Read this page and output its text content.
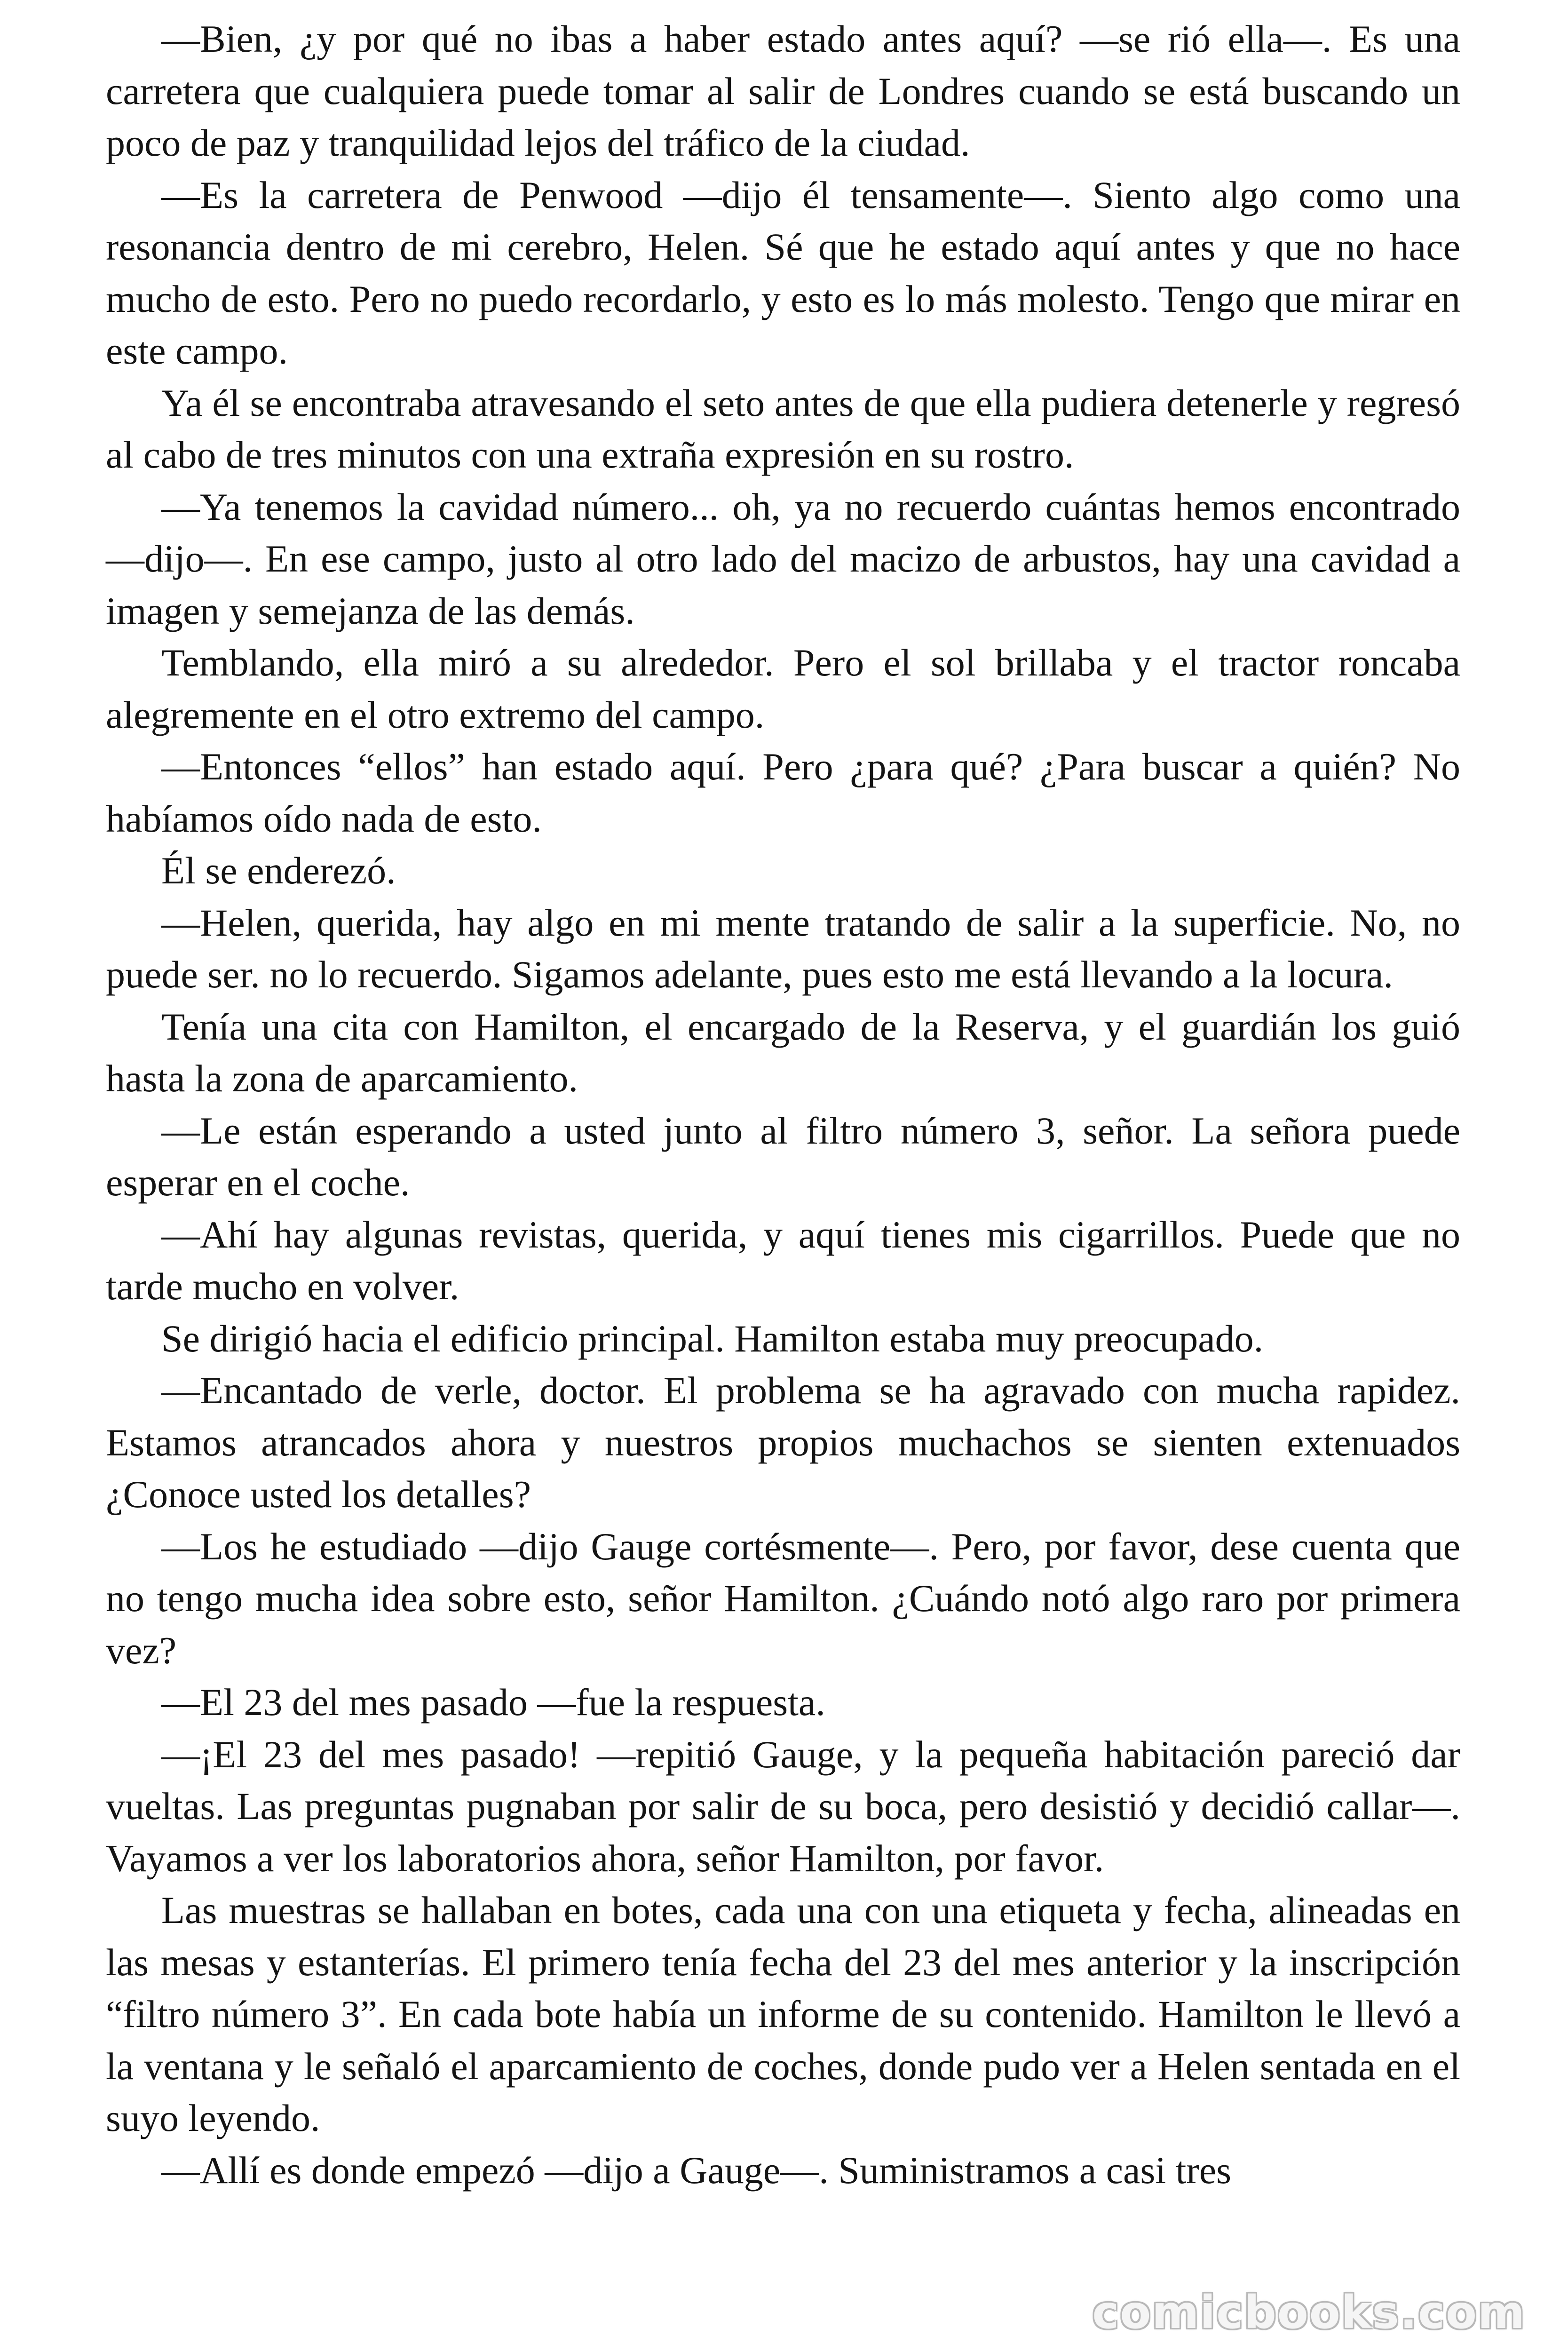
—Bien, ¿y por qué no ibas a haber estado antes aquí? —se rió ella—. Es una carretera que cualquiera puede tomar al salir de Londres cuando se está buscando un poco de paz y tranquilidad lejos del tráfico de la ciudad.

—Es la carretera de Penwood —dijo él tensamente—. Siento algo como una resonancia dentro de mi cerebro, Helen. Sé que he estado aquí antes y que no hace mucho de esto. Pero no puedo recordarlo, y esto es lo más molesto. Tengo que mirar en este campo.

Ya él se encontraba atravesando el seto antes de que ella pudiera detenerle y regresó al cabo de tres minutos con una extraña expresión en su rostro.

—Ya tenemos la cavidad número... oh, ya no recuerdo cuántas hemos encontrado —dijo—. En ese campo, justo al otro lado del macizo de arbustos, hay una cavidad a imagen y semejanza de las demás.

Temblando, ella miró a su alrededor. Pero el sol brillaba y el tractor roncaba alegremente en el otro extremo del campo.

—Entonces “ellos” han estado aquí. Pero ¿para qué? ¿Para buscar a quién? No habíamos oído nada de esto.

Él se enderezó.

—Helen, querida, hay algo en mi mente tratando de salir a la superficie. No, no puede ser. no lo recuerdo. Sigamos adelante, pues esto me está llevando a la locura.

Tenía una cita con Hamilton, el encargado de la Reserva, y el guardián los guió hasta la zona de aparcamiento.

—Le están esperando a usted junto al filtro número 3, señor. La señora puede esperar en el coche.

—Ahí hay algunas revistas, querida, y aquí tienes mis cigarrillos. Puede que no tarde mucho en volver.

Se dirigió hacia el edificio principal. Hamilton estaba muy preocupado.

—Encantado de verle, doctor. El problema se ha agravado con mucha rapidez. Estamos atrancados ahora y nuestros propios muchachos se sienten extenuados ¿Conoce usted los detalles?

—Los he estudiado —dijo Gauge cortésmente—. Pero, por favor, dese cuenta que no tengo mucha idea sobre esto, señor Hamilton. ¿Cuándo notó algo raro por primera vez?

—El 23 del mes pasado —fue la respuesta.

—¡El 23 del mes pasado! —repitió Gauge, y la pequeña habitación pareció dar vueltas. Las preguntas pugnaban por salir de su boca, pero desistió y decidió callar—. Vayamos a ver los laboratorios ahora, señor Hamilton, por favor.

Las muestras se hallaban en botes, cada una con una etiqueta y fecha, alineadas en las mesas y estanterías. El primero tenía fecha del 23 del mes anterior y la inscripción “filtro número 3”. En cada bote había un informe de su contenido. Hamilton le llevó a la ventana y le señaló el aparcamiento de coches, donde pudo ver a Helen sentada en el suyo leyendo.

—Allí es donde empezó —dijo a Gauge—. Suministramos a casi tres

comicbooks.com
